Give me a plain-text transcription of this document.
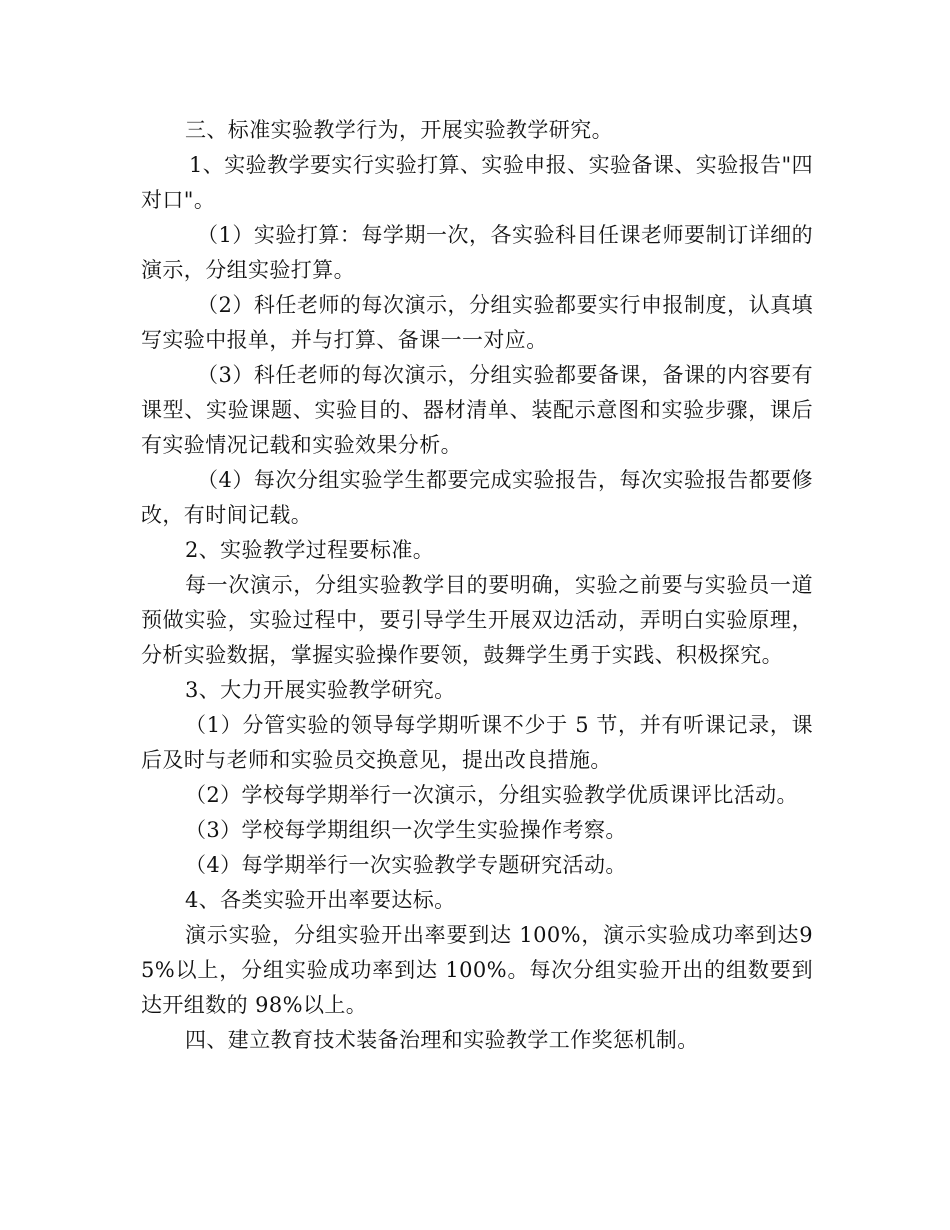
三、标准实验教学行为，开展实验教学研究。

1、实验教学要实行实验打算、实验申报、实验备课、实验报告"四对口"。

（1）实验打算：每学期一次，各实验科目任课老师要制订详细的演示，分组实验打算。

（2）科任老师的每次演示，分组实验都要实行申报制度，认真填写实验中报单，并与打算、备课一一对应。

（3）科任老师的每次演示，分组实验都要备课，备课的内容要有课型、实验课题、实验目的、器材清单、装配示意图和实验步骤，课后有实验情况记载和实验效果分析。

（4）每次分组实验学生都要完成实验报告，每次实验报告都要修改，有时间记载。

2、实验教学过程要标准。

每一次演示，分组实验教学目的要明确，实验之前要与实验员一道预做实验，实验过程中，要引导学生开展双边活动，弄明白实验原理，分析实验数据，掌握实验操作要领，鼓舞学生勇于实践、积极探究。

3、大力开展实验教学研究。

（1）分管实验的领导每学期听课不少于 5 节，并有听课记录，课后及时与老师和实验员交换意见，提出改良措施。

（2）学校每学期举行一次演示，分组实验教学优质课评比活动。

（3）学校每学期组织一次学生实验操作考察。

（4）每学期举行一次实验教学专题研究活动。

4、各类实验开出率要达标。

演示实验，分组实验开出率要到达 100%，演示实验成功率到达95%以上，分组实验成功率到达 100%。每次分组实验开出的组数要到达开组数的 98%以上。

四、建立教育技术装备治理和实验教学工作奖惩机制。
